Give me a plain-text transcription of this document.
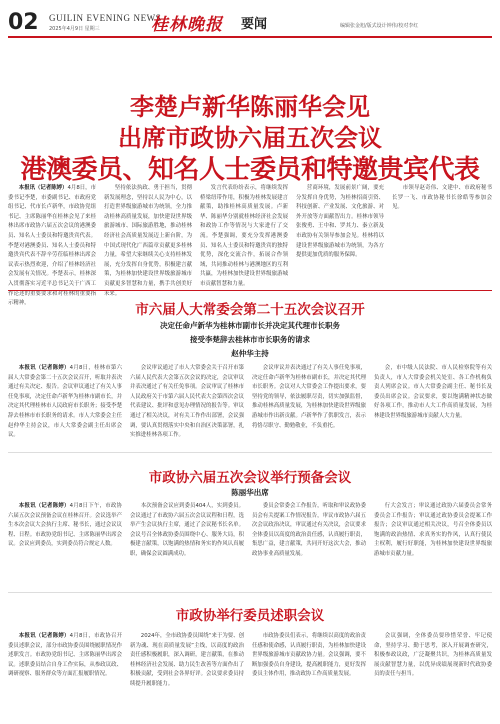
02 GUILIN EVENING NEWS
2025年4月9日 星期三	桂林晚报 要闻	编辑张金旭/版式设计钟伟/校对李红
李楚卢新华陈丽华会见
出席市政协六届五次会议
港澳委员、知名人士委员和特邀贵宾代表

本报讯（记者陈婷）4月8日，市委书记李楚，市委副书记、市政府党组书记、代市长卢新华，市政协党组书记、主席陈丽华在桂林会见了来桂林出席市政协六届五次会议的港澳委员、知名人士委员和特邀贵宾代表。李楚对港澳委员、知名人士委员和特邀贵宾代表不辞辛劳莅临桂林出席会议表示热烈欢迎，介绍了桂林经济社会发展有关情况。李楚表示，桂林深入贯彻落实习近平总书记关于广西工作论述的重要要求和对桂林的重要指示精神，

坚持依法执政、勇于担当，贯彻新发展理念，坚持以人民为中心，以打造世界级旅游城市为统领，全力推动桂林高质量发展，加快建设世界级旅游城市、国际旅游胜地，推动桂林经济社会高质量发展迈上新台阶，为中国式现代化广西篇章贡献更多桂林力量，希望大家继续关心支持桂林发展，充分发挥自身优势，积极建言献策，为桂林加快建设世界级旅游城市贡献更多智慧和力量，携手共创美好未来。

发言代表纷纷表示，将继续发挥桥梁纽带作用，积极为桂林发展建言献策，助推桂林高质量发展。卢新华、陈丽华分别就桂林经济社会发展和政协工作等情况与大家进行了交流。李楚强调，要充分发挥港澳委员、知名人士委员和特邀贵宾的独特优势，深化交流合作，拓展合作领域，共同推动桂林与港澳地区的互利共赢，为桂林加快建设世界级旅游城市贡献智慧和力量。

营商环境，发展前景广阔，要充分发挥自身优势，为桂林招商引资、科技创新、产业发展、文化旅游、对外开放等方面献智出力。桂林市领导张俊勇、王中和、罗其力、秦立新及市政协有关领导参加会见。桂林将以建设世界级旅游城市为统领，为各方提供更加优质的服务保障。

市领导赵奇伟、文建中、市政府秘书长罗一飞、市政协秘书长徐皓等参加会见。

市六届人大常委会第二十五次会议召开
决定任命卢新华为桂林市副市长并决定其代理市长职务
接受李楚辞去桂林市市长职务的请求
赵仲华主持

本报讯（记者陈婷）4月8日，桂林市第六届人大常委会第二十五次会议召开，听取并表决通过有关决定、报告。会议审议通过了有关人事任免事项，决定任命卢新华为桂林市副市长，并决定其代理桂林市人民政府市长职务；接受李楚辞去桂林市市长职务的请求。市人大常委会主任赵仲华主持会议，市人大常委会副主任出席会议。

会议审议通过了市人大常委会关于召开市第六届人民代表大会第五次会议的决定，会议审议并表决通过了有关任免事项。会议审议了桂林市人民政府关于市第六届人民代表大会第四次会议代表建议、批评和意见办理情况的报告等。审议通过了相关决议，对有关工作作出部署，会议强调，要认真贯彻落实中央和自治区决策部署，扎实推进桂林各项工作。

会议审议并表决通过了有关人事任免事项，决定任命卢新华为桂林市副市长，并决定其代理市长职务。会议对人大常委会工作提出要求，要坚持党的领导，依法履职尽责，切实加强监督，推动桂林高质量发展，为桂林加快建设世界级旅游城市作出新贡献。卢新华作了供职发言，表示将恪尽职守、勤勉敬业，不负重托。

会，市中级人民法院、市人民检察院等有关负责人，市人大常委会机关处室、各工作机构负责人列席会议。市人大常委会副主任、秘书长及委员出席会议。会议要求，要以饱满精神状态做好各项工作，推动市人大工作高质量发展，为桂林建设世界级旅游城市贡献人大力量。

市政协六届五次会议举行预备会议
陈丽华出席

本报讯（记者陈婷）4月8日下午，市政协六届五次会议预备会议在桂林召开。会议选举产生本次会议大会执行主席、秘书长，通过会议议程、日程。市政协党组书记、主席陈丽华出席会议。会议应到委员，实到委员符合规定人数。

本次预备会议应到委员404人，实到委员。会议通过了市政协六届五次会议议程和日程，选举产生会议执行主席，通过了会议秘书长名单。会议号召全体政协委员围绕中心、服务大局，积极建言献策，以饱满的热情和务实的作风认真履职，确保会议圆满成功。

委员会常委会工作报告，听取和审议政协委员会有关提案工作情况报告，审议市政协六届五次会议政治决议，审议通过有关决议，会议要求全体委员以高度的政治责任感，认真履行职责，集思广益，建言献策，共同开好这次大会，推动政协事业高质量发展。

行大会发言；审议通过政协六届委员会常务委员会工作报告；审议通过政协委员会提案工作报告；会议审议通过相关决议，号召全体委员以饱满的政治热情、求真务实的作风，认真行使民主权利，履行好职能，为桂林加快建设世界级旅游城市贡献力量。

市政协举行委员述职会议

本报讯（记者陈婷）4月8日，市政协召开委员述职会议，部分市政协委员围绕履职情况作述职发言。市政协党组书记、主席陈丽华出席会议。述职委员结合自身工作实际，从参政议政、调研视察、服务群众等方面汇报履职情况。

2024年，全市政协委员围绕“来于为要、创新为魂、现在高质量发展”主线，以高度的政治责任感积极履职，深入调研，建言献策，在推动桂林经济社会发展、助力民生改善等方面作出了积极贡献，受到社会各界好评。会议要求委员持续提升履职能力。

市政协委员们表示，将继续以高度的政治责任感和使命感，认真履行职责，为桂林加快建设世界级旅游城市贡献政协力量。会议强调，要不断加强委员自身建设，提高履职能力，更好发挥委员主体作用，推动政协工作高质量发展。

会议强调，全体委员要珍惜荣誉、牢记使命，坚持学习、勤于思考，深入开展调查研究，积极参政议政，广泛凝聚共识，为桂林高质量发展贡献智慧力量，以优异成绩展现新时代政协委员的责任与担当。
